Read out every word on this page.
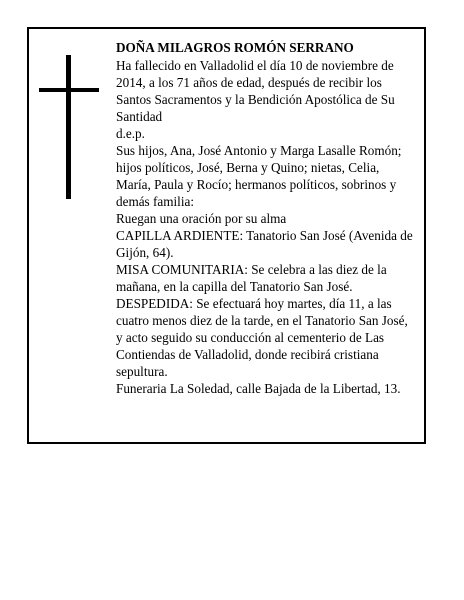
DOÑA MILAGROS ROMÓN SERRANO

Ha fallecido en Valladolid el día 10 de noviembre de 2014, a los 71 años de edad, después de recibir los Santos Sacramentos y la Bendición Apostólica de Su Santidad

d.e.p.

Sus hijos, Ana, José Antonio y Marga Lasalle Romón; hijos políticos, José, Berna y Quino; nietas, Celia, María, Paula y Rocío; hermanos políticos, sobrinos y demás familia:

Ruegan una oración por su alma

CAPILLA ARDIENTE: Tanatorio San José (Avenida de Gijón, 64).

MISA COMUNITARIA: Se celebra a las diez de la mañana, en la capilla del Tanatorio San José.

DESPEDIDA: Se efectuará hoy martes, día 11, a las cuatro menos diez de la tarde, en el Tanatorio San José, y acto seguido su conducción al cementerio de Las Contiendas de Valladolid, donde recibirá cristiana sepultura.

Funeraria La Soledad, calle Bajada de la Libertad, 13.
